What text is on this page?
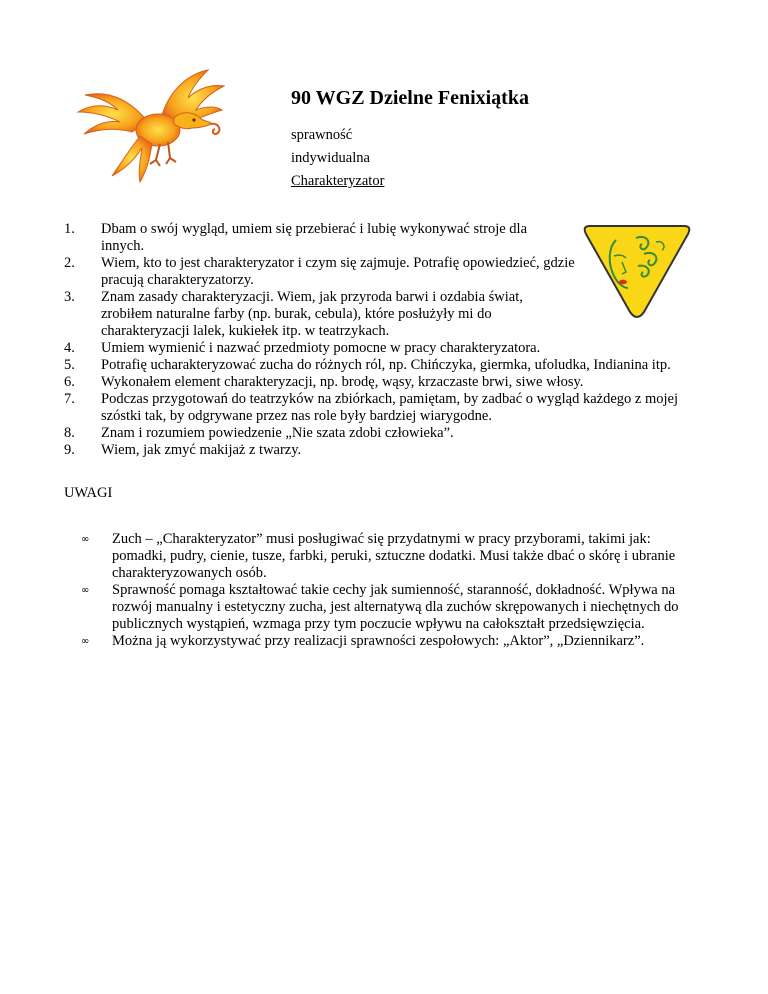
90 WGZ Dzielne Fenixiątka
sprawność
indywidualna
Charakteryzator
1.	Dbam o swój wygląd, umiem się przebierać i lubię wykonywać stroje dla innych.
2.	Wiem, kto to jest charakteryzator i czym się zajmuje. Potrafię opowiedzieć, gdzie pracują charakteryzatorzy.
3.	Znam zasady charakteryzacji. Wiem, jak przyroda barwi i ozdabia świat, zrobiłem naturalne farby (np. burak, cebula), które posłużyły mi do charakteryzacji lalek, kukiełek itp. w teatrzykach.
4.	Umiem wymienić i nazwać przedmioty pomocne w pracy charakteryzatora.
5.	Potrafię ucharakteryzować zucha do różnych ról, np. Chińczyka, giermka, ufoludka, Indianina itp.
6.	Wykonałem element charakteryzacji, np. brodę, wąsy, krzaczaste brwi, siwe włosy.
7.	Podczas przygotowań do teatrzyków na zbiórkach, pamiętam, by zadbać o wygląd każdego z mojej szóstki tak, by odgrywane przez nas role były bardziej wiarygodne.
8.	Znam i rozumiem powiedzenie „Nie szata zdobi człowieka”.
9.	Wiem, jak zmyć makijaż z twarzy.
UWAGI
∞	Zuch – „Charakteryzator” musi posługiwać się przydatnymi w pracy przyborami, takimi jak: pomadki, pudry, cienie, tusze, farbki, peruki, sztuczne dodatki. Musi także dbać o skórę i ubranie charakteryzowanych osób.
∞	Sprawność pomaga kształtować takie cechy jak sumienność, staranność, dokładność. Wpływa na rozwój manualny i estetyczny zucha, jest alternatywą dla zuchów skrępowanych i niechętnych do publicznych wystąpień, wzmaga przy tym poczucie wpływu na całokształt przedsięwzięcia.
∞	Można ją wykorzystywać przy realizacji sprawności zespołowych: „Aktor”, „Dziennikarz”.
